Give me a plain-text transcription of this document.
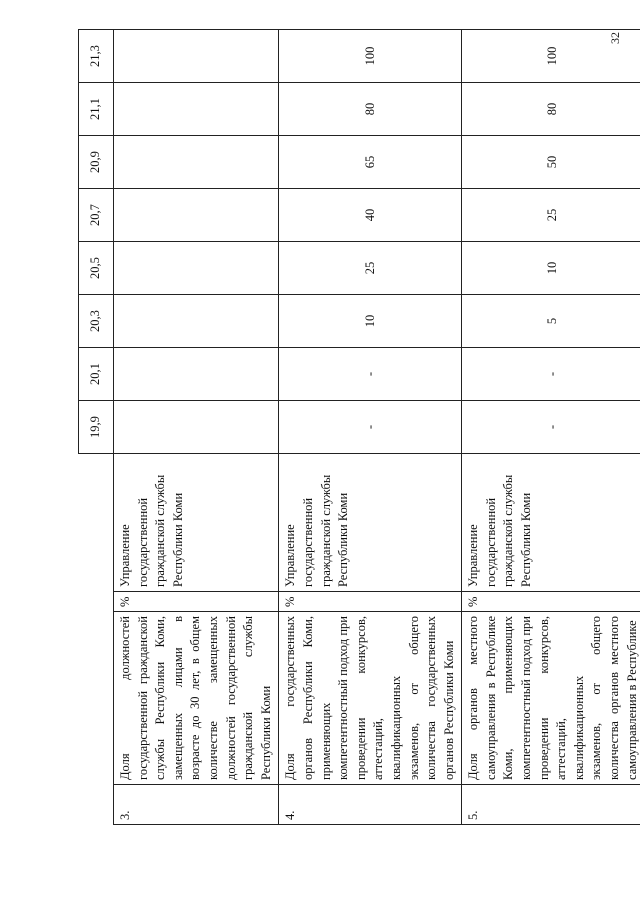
32
				19,9	20,1	20,3	20,5	20,7	20,9	21,1	21,3
3.	Доля должностей государственной гражданской службы Республики Коми, замещенных лицами в возрасте до 30 лет, в общем количестве замещенных должностей государственной гражданской службы Республики Коми	%	Управление государственной гражданской службы Республики Коми								
4.	Доля государственных органов Республики Коми, применяющих компетентностный подход при проведении конкурсов, аттестаций, квалификационных экзаменов, от общего количества государственных органов Республики Коми	%	Управление государственной гражданской службы Республики Коми	-	-	10	25	40	65	80	100
5.	Доля органов местного самоуправления в Республике Коми, применяющих компетентностный подход при проведении конкурсов, аттестаций, квалификационных экзаменов, от общего количества органов местного самоуправления в Республике	%	Управление государственной гражданской службы Республики Коми	-	-	5	10	25	50	80	100
